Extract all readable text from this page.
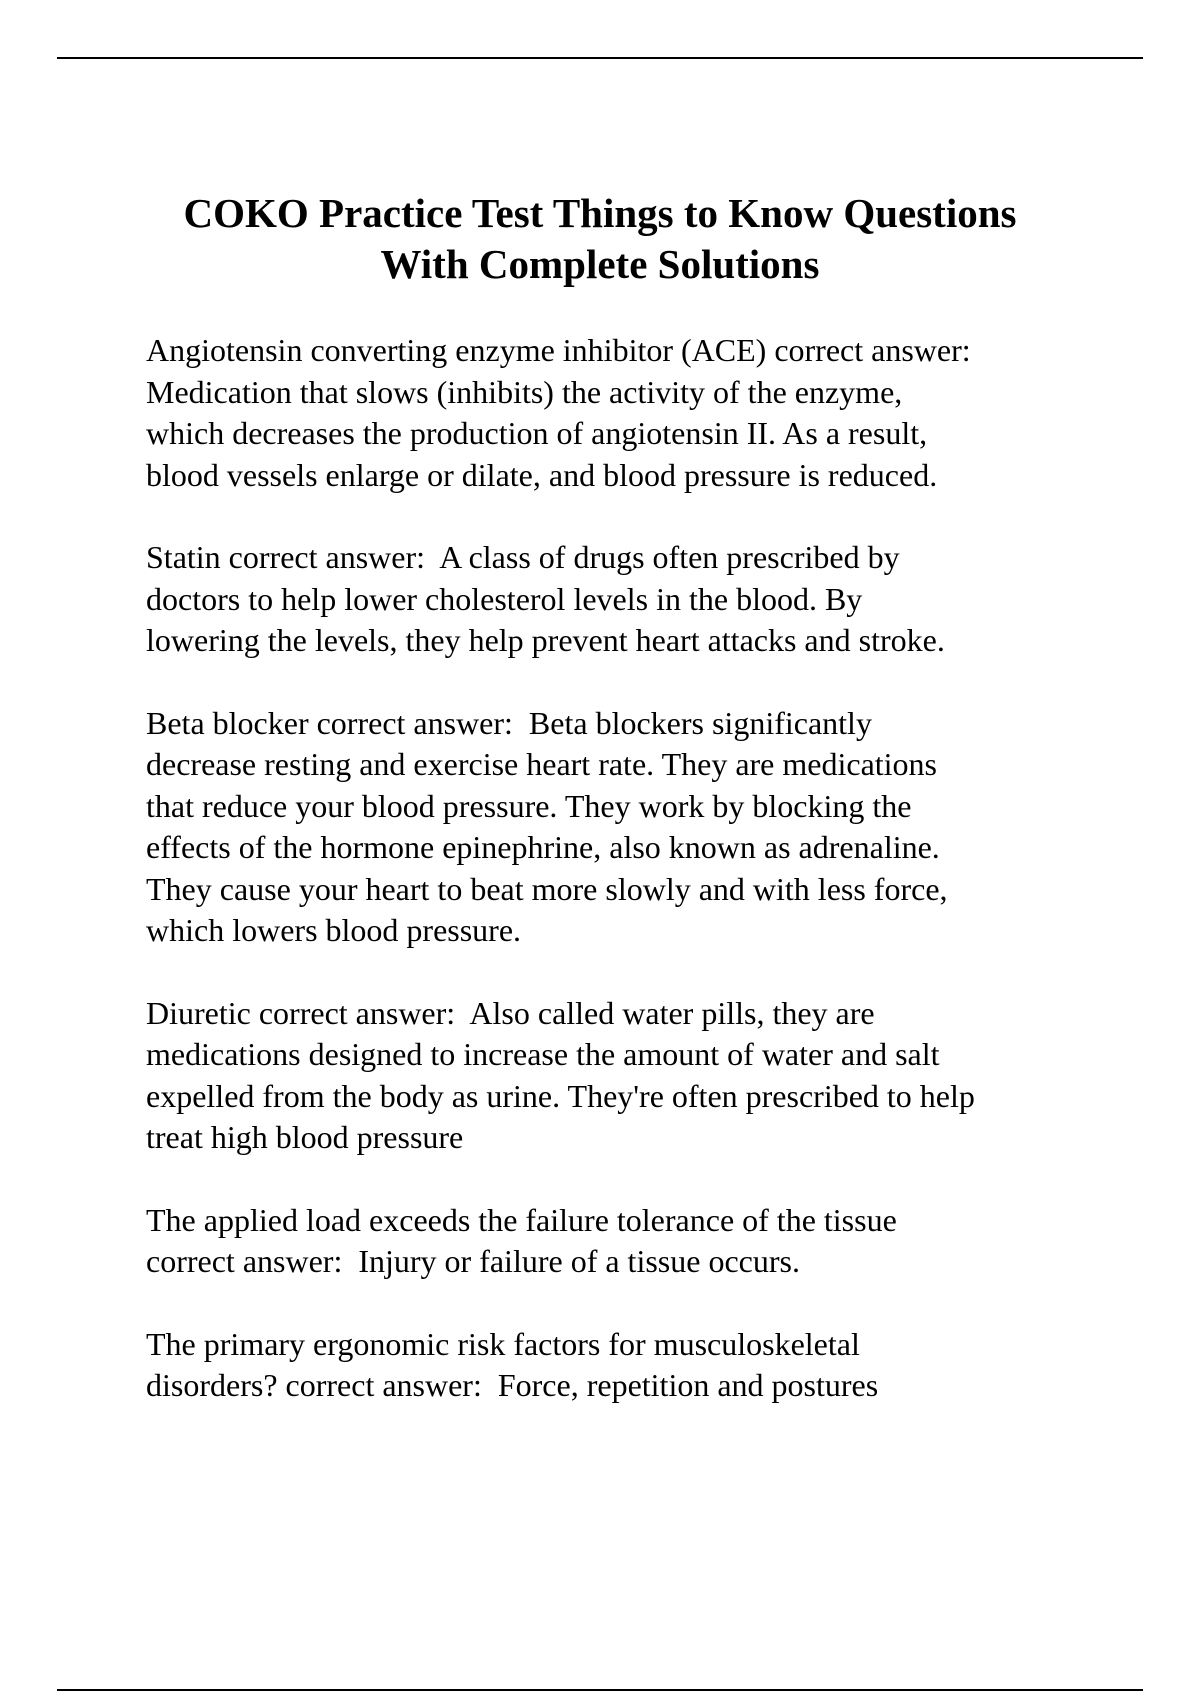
COKO Practice Test Things to Know Questions
With Complete Solutions

Angiotensin converting enzyme inhibitor (ACE) correct answer:
Medication that slows (inhibits) the activity of the enzyme,
which decreases the production of angiotensin II. As a result,
blood vessels enlarge or dilate, and blood pressure is reduced.

Statin correct answer:  A class of drugs often prescribed by
doctors to help lower cholesterol levels in the blood. By
lowering the levels, they help prevent heart attacks and stroke.

Beta blocker correct answer:  Beta blockers significantly
decrease resting and exercise heart rate. They are medications
that reduce your blood pressure. They work by blocking the
effects of the hormone epinephrine, also known as adrenaline.
They cause your heart to beat more slowly and with less force,
which lowers blood pressure.

Diuretic correct answer:  Also called water pills, they are
medications designed to increase the amount of water and salt
expelled from the body as urine. They're often prescribed to help
treat high blood pressure

The applied load exceeds the failure tolerance of the tissue
correct answer:  Injury or failure of a tissue occurs.

The primary ergonomic risk factors for musculoskeletal
disorders? correct answer:  Force, repetition and postures
